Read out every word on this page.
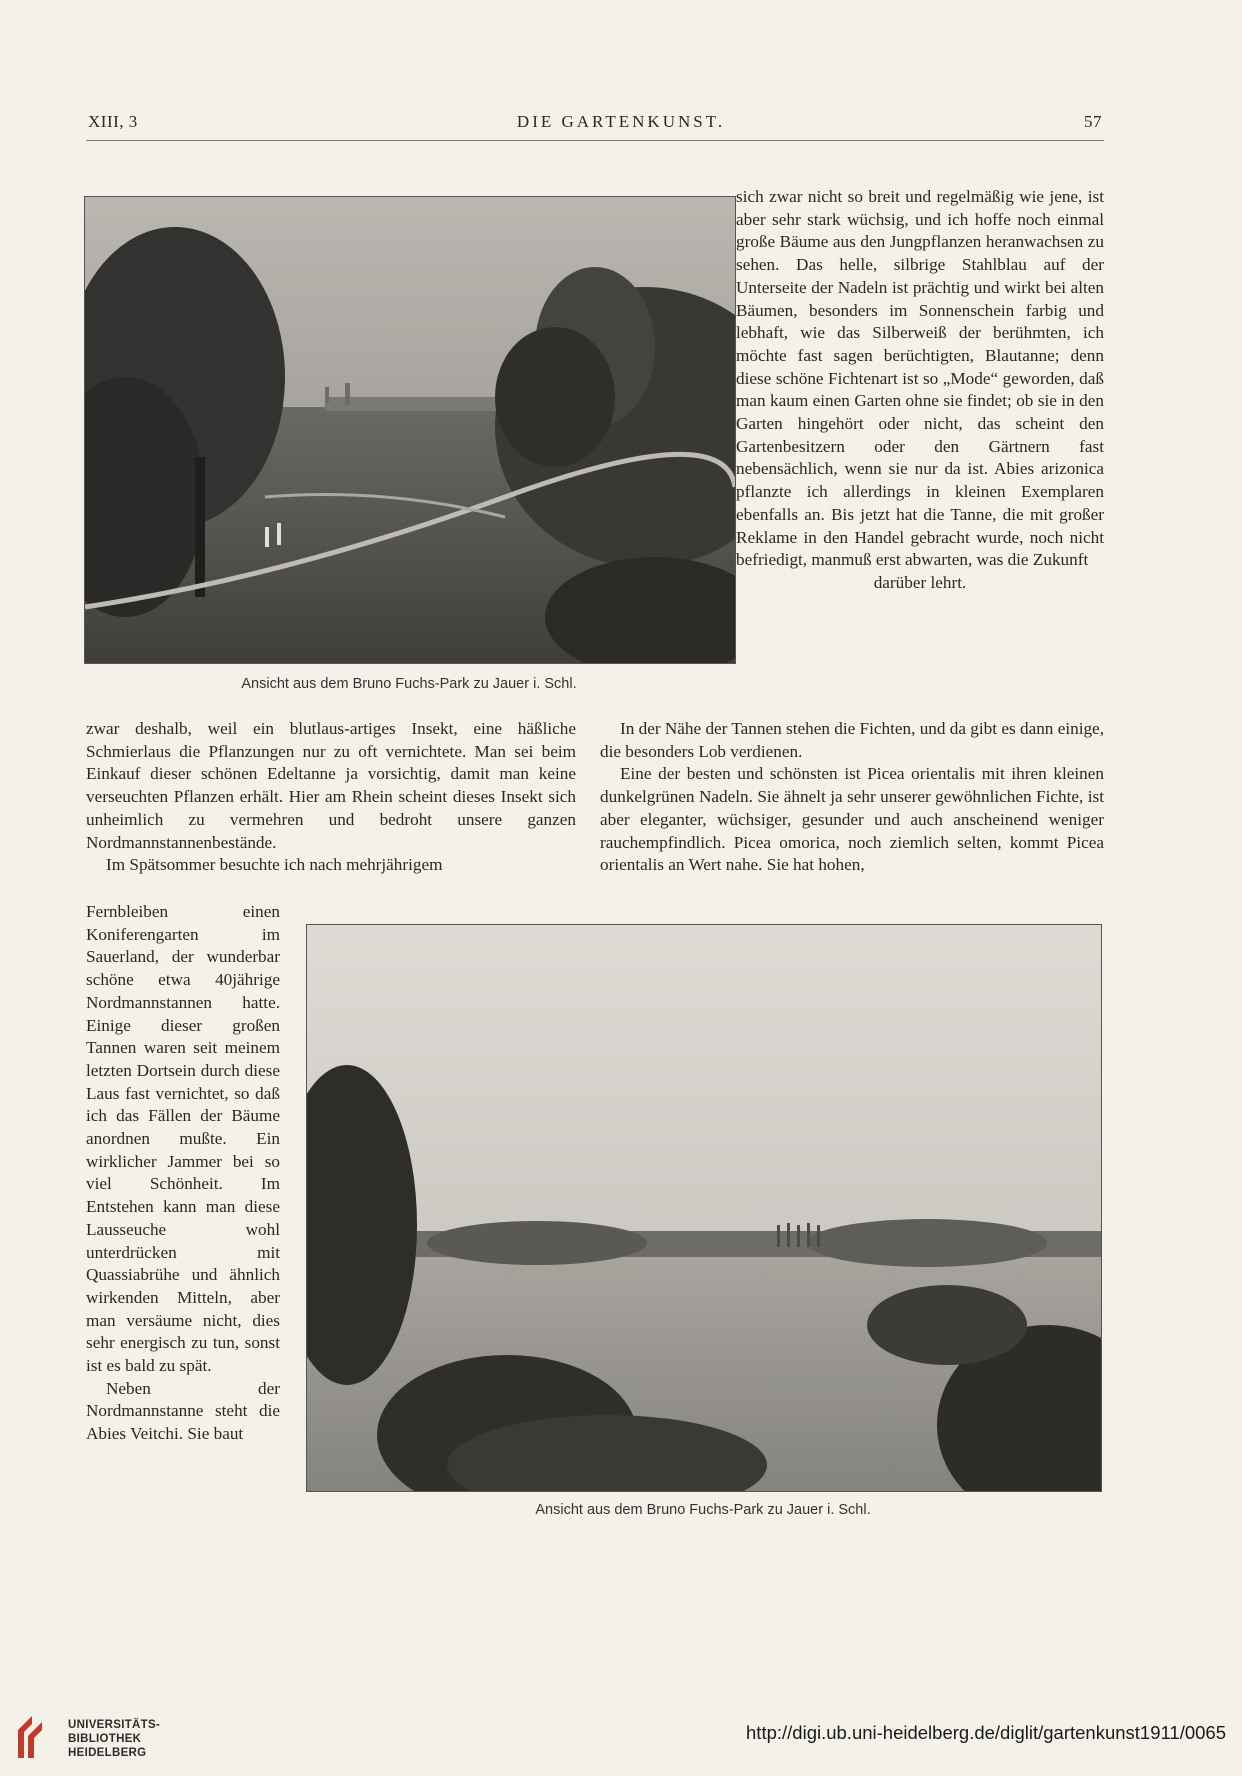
XIII, 3	DIE GARTENKUNST.	57
Ansicht aus dem Bruno Fuchs-Park zu Jauer i. Schl.

sich zwar nicht so breit und regelmäßig wie jene, ist aber sehr stark wüchsig, und ich hoffe noch einmal große Bäume aus den Jungpflanzen heranwachsen zu sehen. Das helle, silbrige Stahlblau auf der Unterseite der Nadeln ist prächtig und wirkt bei alten Bäumen, besonders im Sonnenschein farbig und lebhaft, wie das Silberweiß der berühmten, ich möchte fast sagen berüchtigten, Blautanne; denn diese schöne Fichtenart ist so „Mode“ geworden, daß man kaum einen Garten ohne sie findet; ob sie in den Garten hingehört oder nicht, das scheint den Gartenbesitzern oder den Gärtnern fast nebensächlich, wenn sie nur da ist. Abies arizonica pflanzte ich allerdings in kleinen Exemplaren ebenfalls an. Bis jetzt hat die Tanne, die mit großer Reklame in den Handel gebracht wurde, noch nicht befriedigt, manmuß erst abwarten, was die Zukunft

darüber lehrt.

zwar deshalb, weil ein blutlaus-artiges Insekt, eine häßliche Schmierlaus die Pflanzungen nur zu oft vernichtete. Man sei beim Einkauf dieser schönen Edeltanne ja vorsichtig, damit man keine verseuchten Pflanzen erhält. Hier am Rhein scheint dieses Insekt sich unheimlich zu vermehren und bedroht unsere ganzen Nordmannstannenbestände.

Im Spätsommer besuchte ich nach mehrjährigem

In der Nähe der Tannen stehen die Fichten, und da gibt es dann einige, die besonders Lob verdienen.

Eine der besten und schönsten ist Picea orientalis mit ihren kleinen dunkelgrünen Nadeln. Sie ähnelt ja sehr unserer gewöhnlichen Fichte, ist aber eleganter, wüchsiger, gesunder und auch anscheinend weniger rauchempfindlich. Picea omorica, noch ziemlich selten, kommt Picea orientalis an Wert nahe. Sie hat hohen,

Fernbleiben einen Koniferengarten im Sauerland, der wunderbar schöne etwa 40jährige Nordmannstannen hatte. Einige dieser großen Tannen waren seit meinem letzten Dortsein durch diese Laus fast vernichtet, so daß ich das Fällen der Bäume anordnen mußte. Ein wirklicher Jammer bei so viel Schönheit. Im Entstehen kann man diese Lausseuche wohl unterdrücken mit Quassiabrühe und ähnlich wirkenden Mitteln, aber man versäume nicht, dies sehr energisch zu tun, sonst ist es bald zu spät.

Neben der Nordmannstanne steht die Abies Veitchi. Sie baut

Ansicht aus dem Bruno Fuchs-Park zu Jauer i. Schl.
UNIVERSITÄTS-
BIBLIOTHEK
HEIDELBERG
http://digi.ub.uni-heidelberg.de/diglit/gartenkunst1911/0065
